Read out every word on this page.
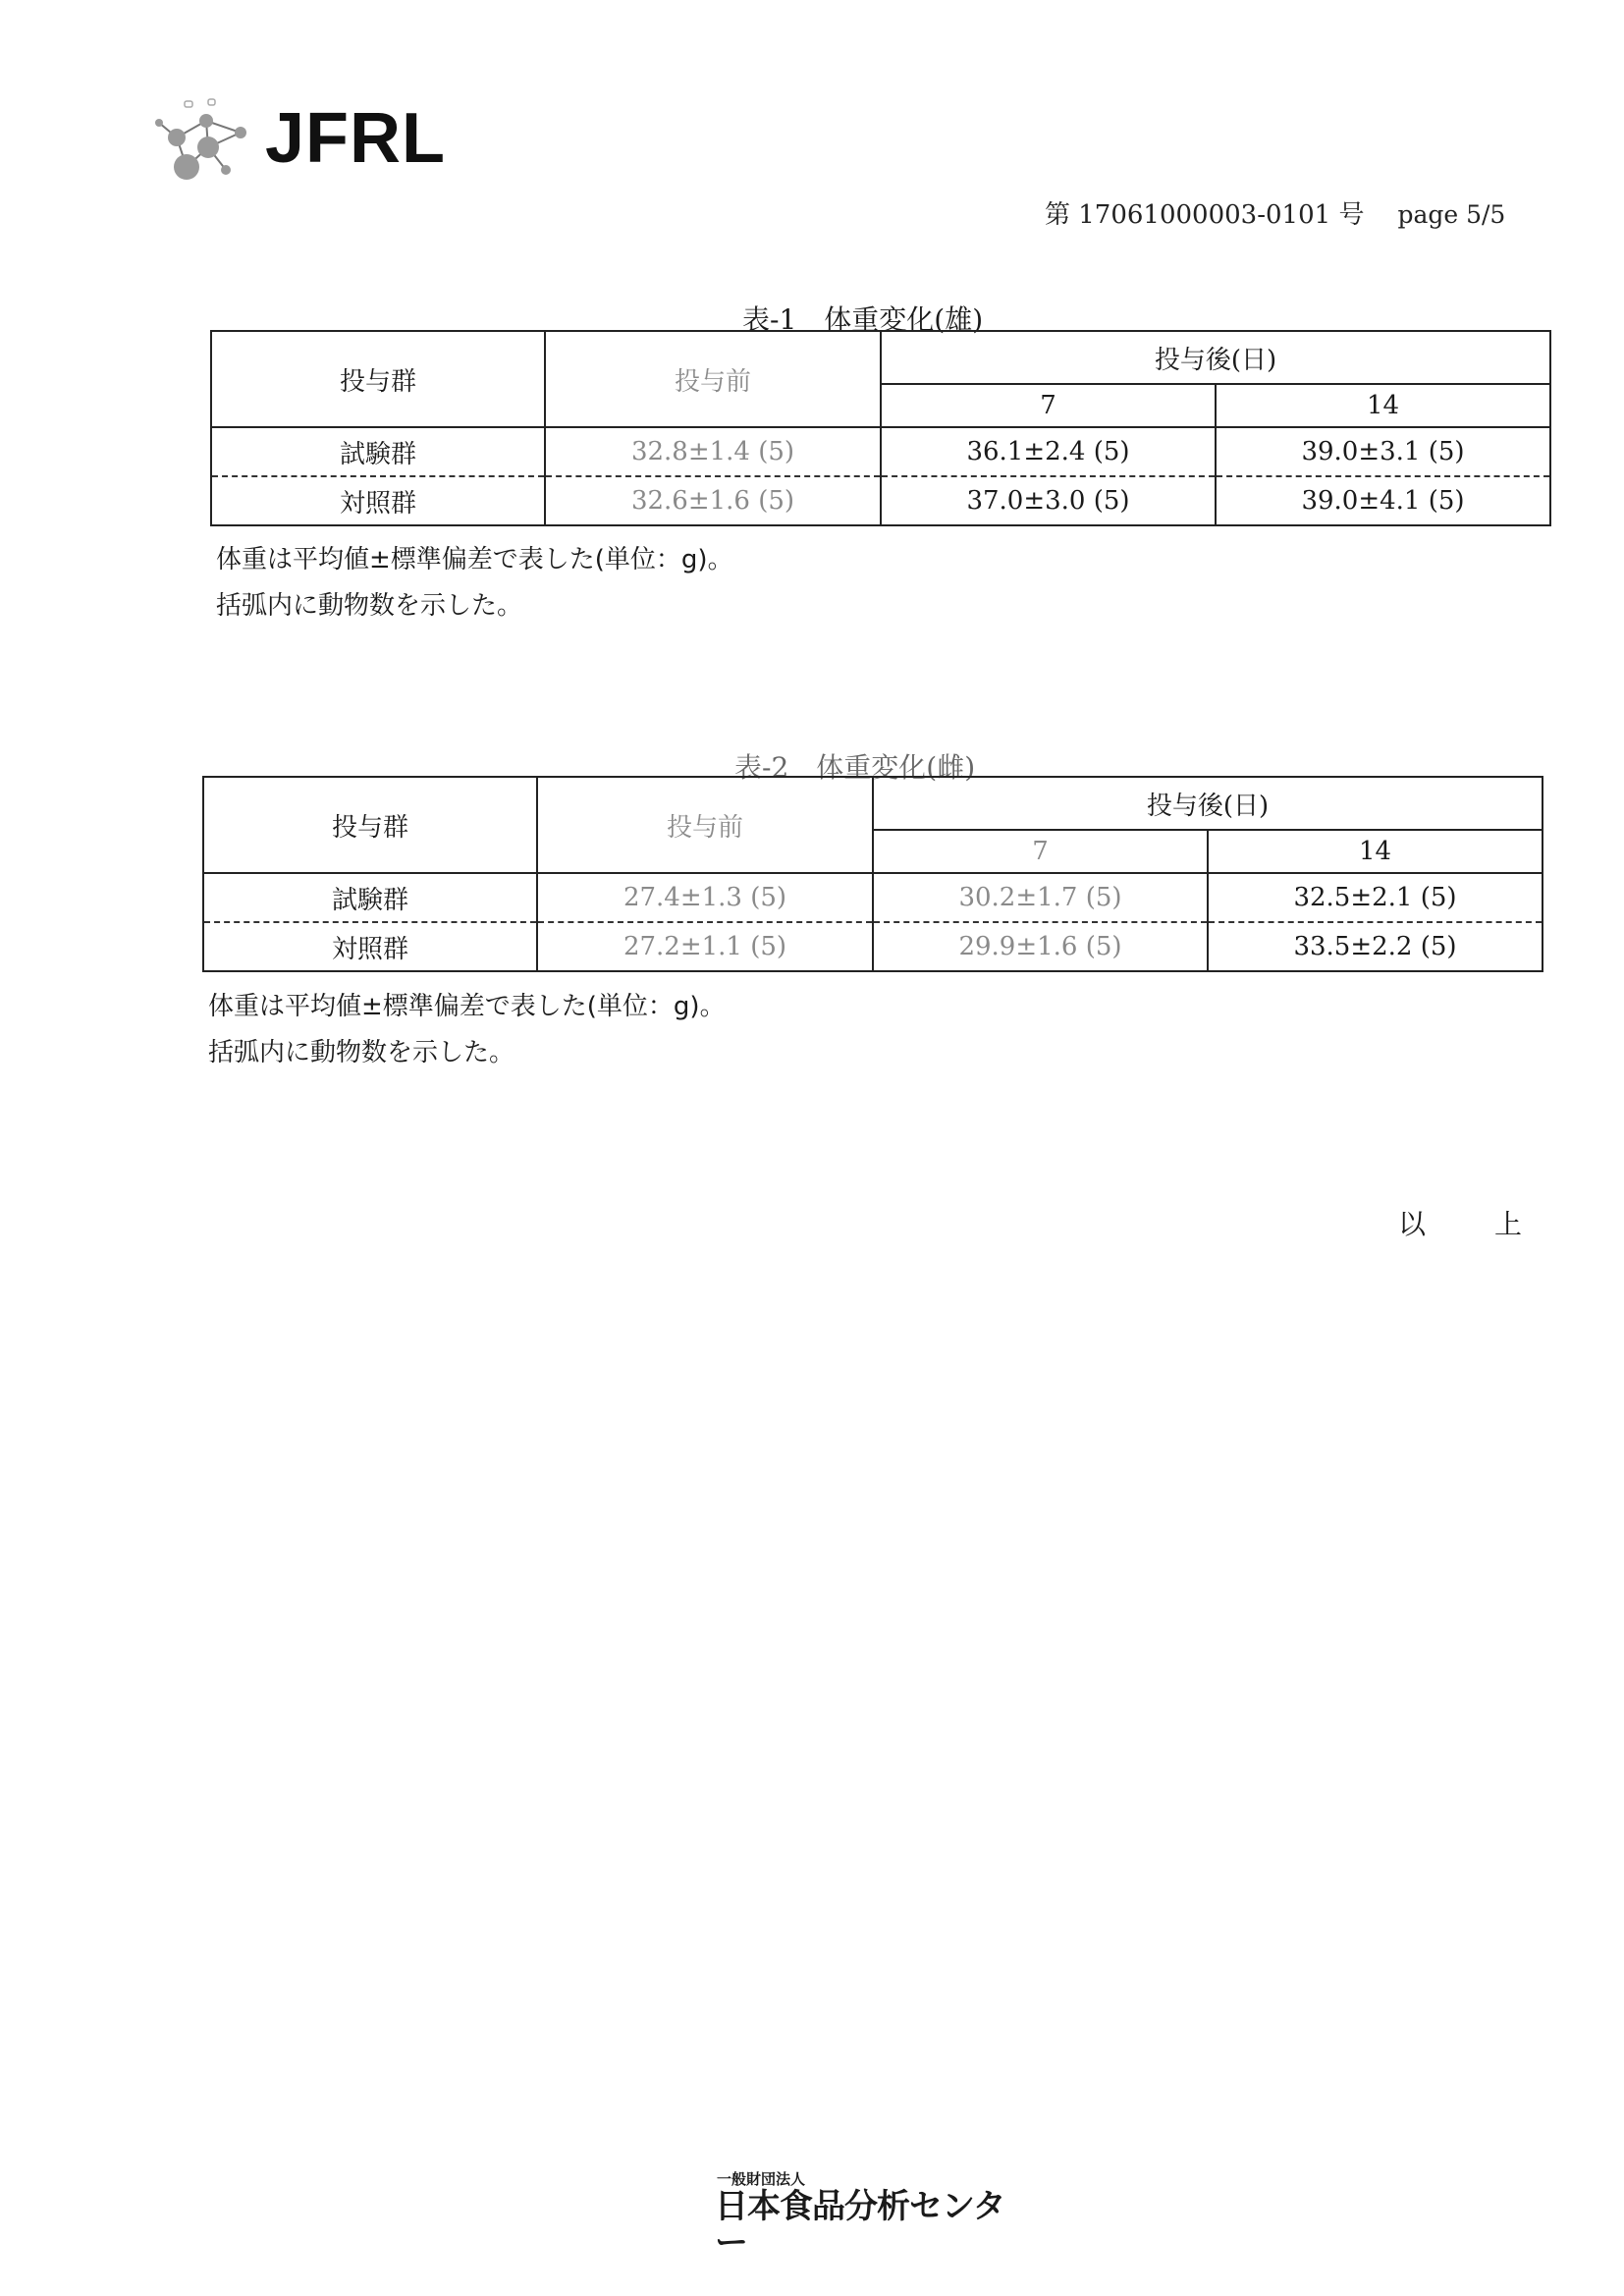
JFRL
第 17061000003-0101 号 page 5/5
表-1 体重変化(雄)
投与群	投与前	投与後(日)	
		7	14
試験群	32.8±1.4 (5)	36.1±2.4 (5)	39.0±3.1 (5)
対照群	32.6±1.6 (5)	37.0±3.0 (5)	39.0±4.1 (5)
体重は平均値±標準偏差で表した(単位：g)。
括弧内に動物数を示した。
表-2 体重変化(雌)
投与群	投与前	投与後(日)	
		7	14
試験群	27.4±1.3 (5)	30.2±1.7 (5)	32.5±2.1 (5)
対照群	27.2±1.1 (5)	29.9±1.6 (5)	33.5±2.2 (5)
体重は平均値±標準偏差で表した(単位：g)。
括弧内に動物数を示した。
以	上
一般財団法人
日本食品分析センター
